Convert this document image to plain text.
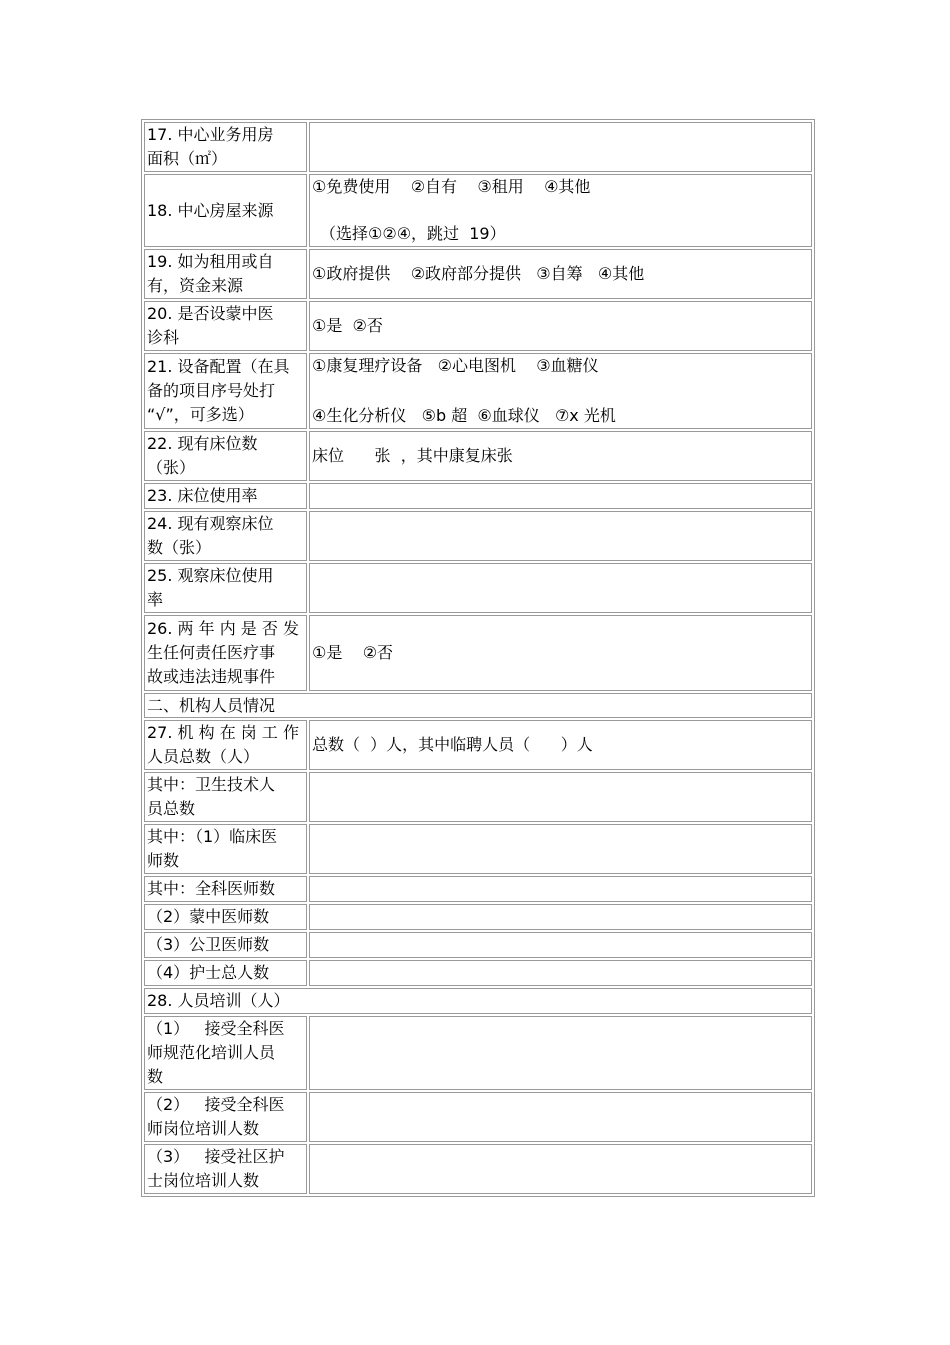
17. 中心业务用房
面积（㎡）
18. 中心房屋来源
①免费使用    ②自有    ③租用    ④其他
（选择①②④，跳过  19）
19. 如为租用或自
有，资金来源
①政府提供    ②政府部分提供   ③自筹   ④其他
20. 是否设蒙中医
诊科
①是  ②否
21. 设备配置（在具
备的项目序号处打
“√”，可多选）
①康复理疗设备   ②心电图机    ③血糖仪
④生化分析仪   ⑤b 超  ⑥血球仪   ⑦x 光机
22. 现有床位数
（张）
床位      张  ，其中康复床张
23. 床位使用率
24. 现有观察床位
数（张）
25. 观察床位使用
率
26. 两 年 内 是 否 发
生任何责任医疗事
故或违法违规事件
①是    ②否
二、机构人员情况
27. 机 构 在 岗 工 作
人员总数（人）
总数（  ）人，其中临聘人员（      ）人
其中：卫生技术人
员总数
其中：（1）临床医
师数
其中：全科医师数
（2）蒙中医师数
（3）公卫医师数
（4）护士总人数
28. 人员培训（人）
（1）   接受全科医
师规范化培训人员
数
（2）   接受全科医
师岗位培训人数
（3）   接受社区护
士岗位培训人数
